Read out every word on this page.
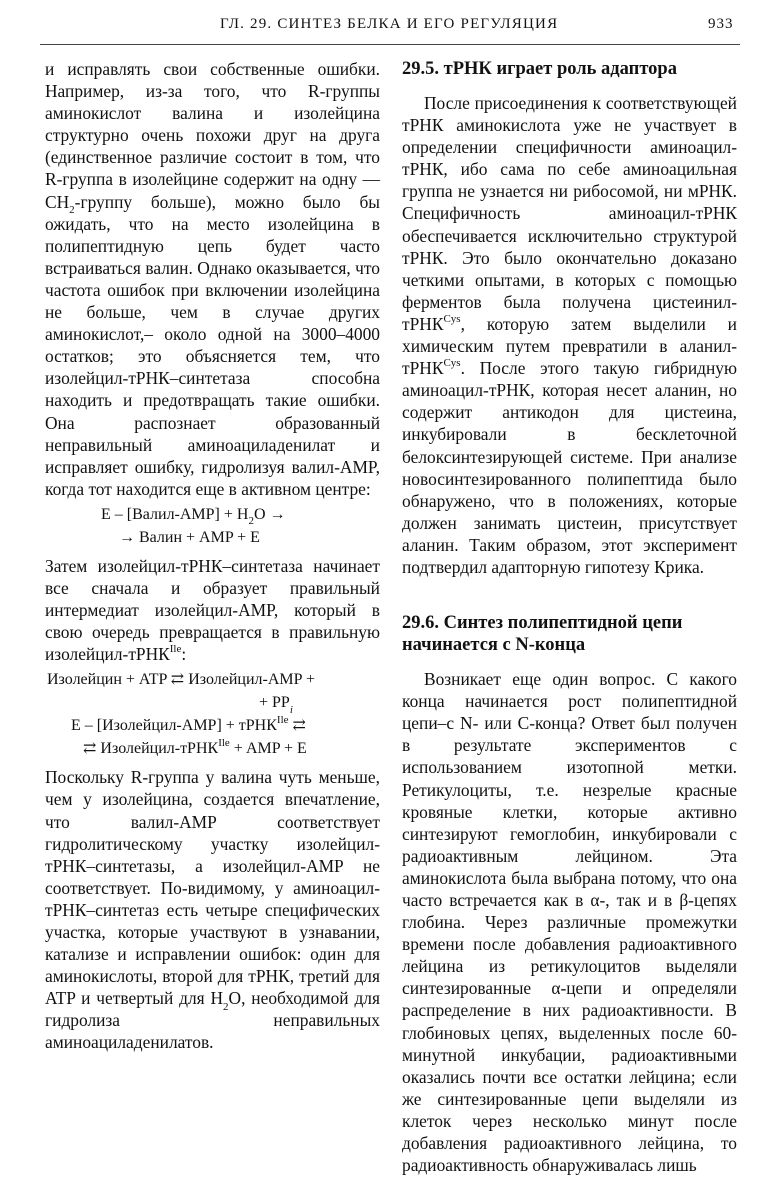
ГЛ. 29. СИНТЕЗ БЕЛКА И ЕГО РЕГУЛЯЦИЯ	933

и исправлять свои собственные ошибки. Например, из-за того, что R-группы аминокислот валина и изолейцина структурно очень похожи друг на друга (единственное различие состоит в том, что R-группа в изолейцине содержит на одну $—CH_2$-группу больше), можно было бы ожидать, что на место изолейцина в полипептидную цепь будет часто встраиваться валин. Однако оказывается, что частота ошибок при включении изолейцина не больше, чем в случае других аминокислот,– около одной на 3000–4000 остатков; это объясняется тем, что изолейцил-тРНК–синтетаза способна находить и предотвращать такие ошибки. Она распознает образованный неправильный аминоациладенилат и исправляет ошибку, гидролизуя валил-AMP, когда тот находится еще в активном центре:

E – [Валил-AMP] + $H_2O$ →
→ Валин + AMP + E

Затем изолейцил-тРНК–синтетаза начинает все сначала и образует правильный интермедиат изолейцил-AMP, который в свою очередь превращается в правильную изолейцил-тРНК$^{Ile}$:

Изолейцин + ATP ⇄ Изолейцил-AMP +
+ $PP_i$
E – [Изолейцил-AMP] + тРНК$^{Ile}$ ⇄
⇄ Изолейцил-тРНК$^{Ile}$ + AMP + E

Поскольку R-группа у валина чуть меньше, чем у изолейцина, создается впечатление, что валил-AMP соответствует гидролитическому участку изолейцил-тРНК–синтетазы, а изолейцил-AMP не соответствует. По-видимому, у аминоацил-тРНК–синтетаз есть четыре специфических участка, которые участвуют в узнавании, катализе и исправлении ошибок: один для аминокислоты, второй для тРНК, третий для ATP и четвертый для $H_2O$, необходимой для гидролиза неправильных аминоациладенилатов.

29.5. тРНК играет роль адаптора

После присоединения к соответствующей тРНК аминокислота уже не участвует в определении специфичности аминоацил-тРНК, ибо сама по себе аминоацильная группа не узнается ни рибосомой, ни мРНК. Специфичность аминоацил-тРНК обеспечивается исключительно структурой тРНК. Это было окончательно доказано четкими опытами, в которых с помощью ферментов была получена цистеинил-тРНК$^{Cys}$, которую затем выделили и химическим путем превратили в аланил-тРНК$^{Cys}$. После этого такую гибридную аминоацил-тРНК, которая несет аланин, но содержит антикодон для цистеина, инкубировали в бесклеточной белоксинтезирующей системе. При анализе новосинтезированного полипептида было обнаружено, что в положениях, которые должен занимать цистеин, присутствует аланин. Таким образом, этот эксперимент подтвердил адапторную гипотезу Крика.

29.6. Синтез полипептидной цепи начинается с N-конца

Возникает еще один вопрос. С какого конца начинается рост полипептидной цепи–с N- или C-конца? Ответ был получен в результате экспериментов с использованием изотопной метки. Ретикулоциты, т.е. незрелые красные кровяные клетки, которые активно синтезируют гемоглобин, инкубировали с радиоактивным лейцином. Эта аминокислота была выбрана потому, что она часто встречается как в α-, так и в β-цепях глобина. Через различные промежутки времени после добавления радиоактивного лейцина из ретикулоцитов выделяли синтезированные α-цепи и определяли распределение в них радиоактивности. В глобиновых цепях, выделенных после 60-минутной инкубации, радиоактивными оказались почти все остатки лейцина; если же синтезированные цепи выделяли из клеток через несколько минут после добавления радиоактивного лейцина, то радиоактивность обнаруживалась лишь
